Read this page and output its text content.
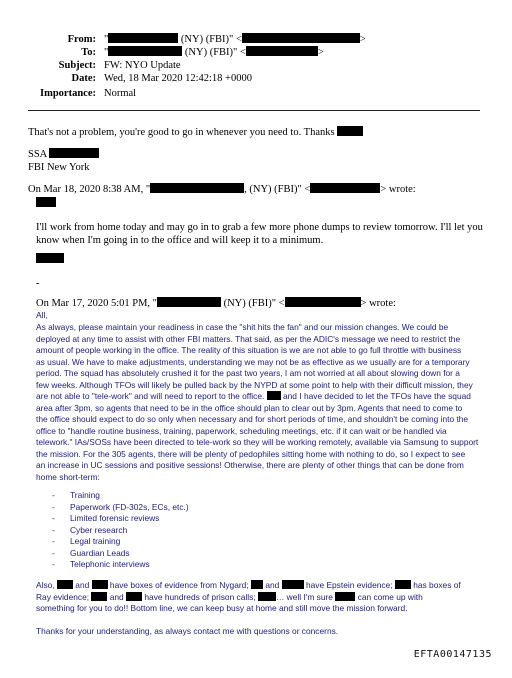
From: "	(NY) (FBI)" <	>
To: "	(NY) (FBI)" <	>
Subject: FW: NYO Update
Date: Wed, 18 Mar 2020 12:42:18 +0000
Importance: Normal
That's not a problem, you're good to go in whenever you need to. Thanks
SSA
FBI New York
On Mar 18, 2020 8:38 AM, "	, (NY) (FBI)" <	> wrote:
I'll work from home today and may go in to grab a few more phone dumps to review tomorrow. I'll let you
know when I'm going in to the office and will keep it to a minimum.
-
On Mar 17, 2020 5:01 PM, "	(NY) (FBI)" <	> wrote:
All,
As always, please maintain your readiness in case the "shit hits the fan" and our mission changes. We could be
deployed at any time to assist with other FBI matters. That said, as per the ADIC's message we need to restrict the
amount of people working in the office. The reality of this situation is we are not able to go full throttle with business
as usual. We have to make adjustments, understanding we may not be as effective as we usually are for a temporary
period. The squad has absolutely crushed it for the past two years, I am not worried at all about slowing down for a
few weeks. Although TFOs will likely be pulled back by the NYPD at some point to help with their difficult mission, they
are not able to "tele-work" and will need to report to the office. and I have decided to let the TFOs have the squad
area after 3pm, so agents that need to be in the office should plan to clear out by 3pm. Agents that need to come to
the office should expect to do so only when necessary and for short periods of time, and shouldn't be coming into the
office to "handle routine business, training, paperwork, scheduling meetings, etc. if it can wait or be handled via
telework." IAs/SOSs have been directed to tele-work so they will be working remotely, available via Samsung to support
the mission. For the 305 agents, there will be plenty of pedophiles sitting home with nothing to do, so I expect to see
an increase in UC sessions and positive sessions! Otherwise, there are plenty of other things that can be done from
home short-term:
- Training
- Paperwork (FD-302s, ECs, etc.)
- Limited forensic reviews
- Cyber research
- Legal training
- Guardian Leads
- Telephonic interviews
Also, and have boxes of evidence from Nygard; and	have Epstein evidence; has boxes of
Ray evidence; and have hundreds of prison calls; … well I'm sure	can come up with
something for you to do!! Bottom line, we can keep busy at home and still move the mission forward.
Thanks for your understanding, as always contact me with questions or concerns.
EFTA00147135
